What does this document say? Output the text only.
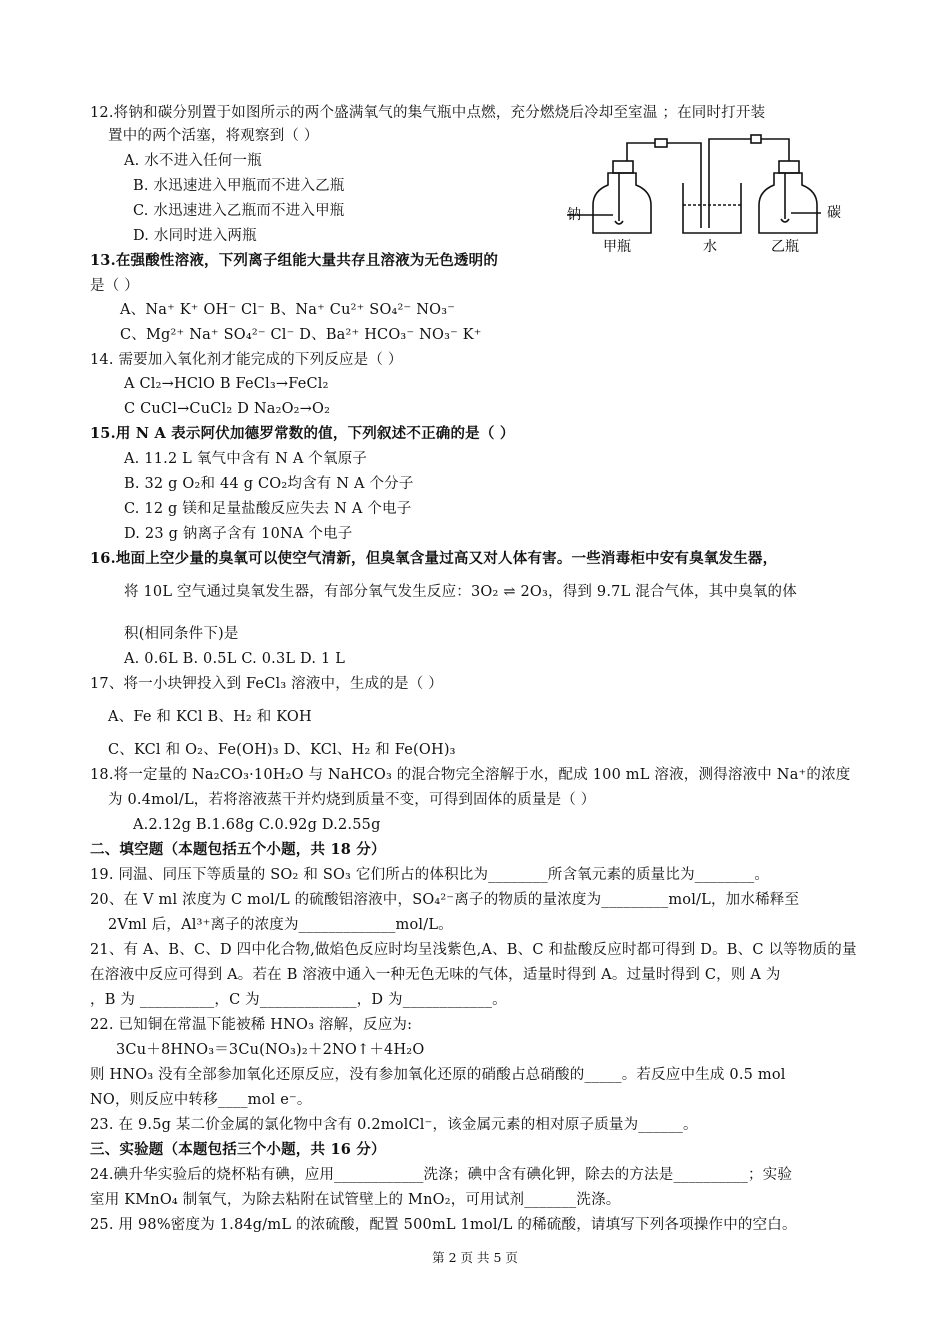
12.将钠和碳分别置于如图所示的两个盛满氧气的集气瓶中点燃，充分燃烧后冷却至室温 ；在同时打开装
置中的两个活塞，将观察到（ ）
A. 水不进入任何一瓶
B. 水迅速进入甲瓶而不进入乙瓶
C. 水迅速进入乙瓶而不进入甲瓶
D. 水同时进入两瓶
13.在强酸性溶液，下列离子组能大量共存且溶液为无色透明的
是（ ）
A、Na⁺ K⁺ OH⁻ Cl⁻ B、Na⁺ Cu²⁺ SO₄²⁻ NO₃⁻
C、Mg²⁺ Na⁺ SO₄²⁻ Cl⁻ D、Ba²⁺ HCO₃⁻ NO₃⁻ K⁺
14. 需要加入氧化剂才能完成的下列反应是（ ）
A Cl₂→HClO B FeCl₃→FeCl₂
C CuCl→CuCl₂ D Na₂O₂→O₂
15.用 N A 表示阿伏加德罗常数的值，下列叙述不正确的是（ ）
A. 11.2 L 氧气中含有 N A 个氧原子
B. 32 g O₂和 44 g CO₂均含有 N A 个分子
C. 12 g 镁和足量盐酸反应失去 N A 个电子
D. 23 g 钠离子含有 10NA 个电子
16.地面上空少量的臭氧可以使空气清新，但臭氧含量过高又对人体有害。一些消毒柜中安有臭氧发生器，
将 10L 空气通过臭氧发生器，有部分氧气发生反应：3O₂ ⇌ 2O₃，得到 9.7L 混合气体，其中臭氧的体
积(相同条件下)是
A. 0.6L B. 0.5L C. 0.3L D. 1 L
17、将一小块钾投入到 FeCl₃ 溶液中，生成的是（ ）
A、Fe 和 KCl B、H₂ 和 KOH
C、KCl 和 O₂、Fe(OH)₃ D、KCl、H₂ 和 Fe(OH)₃
18.将一定量的 Na₂CO₃·10H₂O 与 NaHCO₃ 的混合物完全溶解于水，配成 100 mL 溶液，测得溶液中 Na⁺的浓度
为 0.4mol/L，若将溶液蒸干并灼烧到质量不变，可得到固体的质量是（ ）
A.2.12g B.1.68g C.0.92g D.2.55g
二、填空题（本题包括五个小题，共 18 分）
19. 同温、同压下等质量的 SO₂ 和 SO₃ 它们所占的体积比为________所含氧元素的质量比为________。
20、在 V ml 浓度为 C mol/L 的硫酸铝溶液中，SO₄²⁻离子的物质的量浓度为_________mol/L，加水稀释至
2Vml 后，Al³⁺离子的浓度为_____________mol/L。
21、有 A、B、C、D 四中化合物,做焰色反应时均呈浅紫色,A、B、C 和盐酸反应时都可得到 D。B、C 以等物质的量
在溶液中反应可得到 A。若在 B 溶液中通入一种无色无味的气体，适量时得到 A。过量时得到 C，则 A 为
，B 为 __________，C 为_____________，D 为____________。
22. 已知铜在常温下能被稀 HNO₃ 溶解，反应为:
3Cu＋8HNO₃＝3Cu(NO₃)₂＋2NO↑＋4H₂O
则 HNO₃ 没有全部参加氧化还原反应，没有参加氧化还原的硝酸占总硝酸的_____。若反应中生成 0.5 mol
NO，则反应中转移____mol e⁻。
23. 在 9.5g 某二价金属的氯化物中含有 0.2molCl⁻，该金属元素的相对原子质量为______。
三、实验题（本题包括三个小题，共 16 分）
24.碘升华实验后的烧杯粘有碘，应用____________洗涤；碘中含有碘化钾，除去的方法是__________；实验
室用 KMnO₄ 制氧气，为除去粘附在试管壁上的 MnO₂，可用试剂_______洗涤。
25. 用 98%密度为 1.84g/mL 的浓硫酸，配置 500mL 1mol/L 的稀硫酸，请填写下列各项操作中的空白。
钠	碳
甲瓶	水	乙瓶
第 2 页 共 5 页
